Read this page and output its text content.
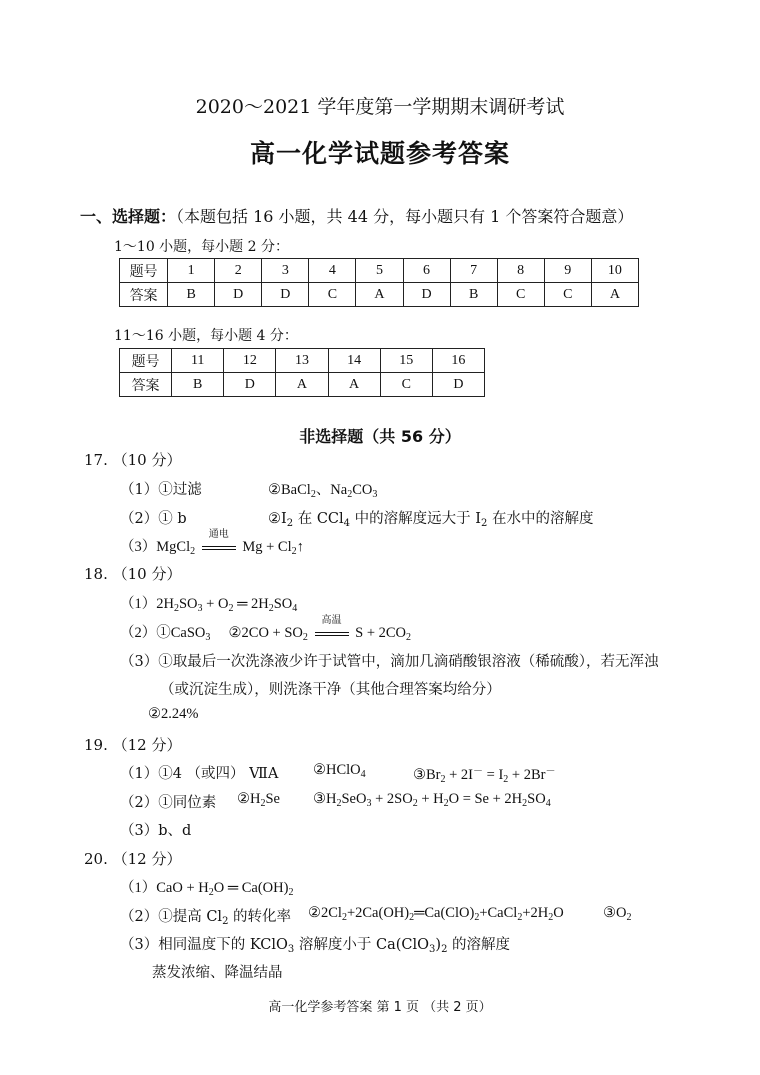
2020～2021 学年度第一学期期末调研考试
高一化学试题参考答案
一、选择题：（本题包括 16 小题，共 44 分，每小题只有 1 个答案符合题意）
1～10 小题，每小题 2 分：
题号	1	2	3	4	5	6	7	8	9	10
答案	B	D	D	C	A	D	B	C	C	A
11～16 小题，每小题 4 分：
题号	11	12	13	14	15	16
答案	B	D	A	A	C	D
非选择题（共 56 分）
17. （10 分）
（1）①过滤	②BaCl$_2$、$Na_2CO_3$
（2）① b	$②I_2$ 在 CCl$_4$ 中的溶解度远大于 $I_2$ 在水中的溶解度
（3）MgCl$_2$
通电
$Mg + Cl_2↑$
18. （10 分）
$(1)2H_2SO_3 + O_2$ ═ $2H_2SO_4$
（2）①CaSO$_3$     ②2CO + $SO_2$
高温
$S + 2CO_2$
（3）①取最后一次洗涤液少许于试管中，滴加几滴硝酸银溶液（稀硫酸），若无浑浊
（或沉淀生成），则洗涤干净（其他合理答案均给分）
②2.24%
19. （12 分）
（1）①4 （或四） ⅦA ②HClO$_4$	$③Br_2 + 2I^- = I_2 + 2Br^-$
（2）①同位素 $②H_2Se$ $③H_2SeO_3 + 2SO_2 + H_2O = Se + 2H_2SO_4$
（3）b、d
20. （12 分）
$(1)CaO + H_2O$ ═ $Ca(OH)_2$
（2）①提高 $Cl_2$ 的转化率 $②2Cl_2+2Ca(OH)_2═Ca(ClO)_2+CaCl_2+2H_2O$	$③O_2$
（3）相同温度下的 KClO$_3$ 溶解度小于 $Ca(ClO_3)_2$ 的溶解度
蒸发浓缩、降温结晶
高一化学参考答案 第 1 页 （共 2 页）
